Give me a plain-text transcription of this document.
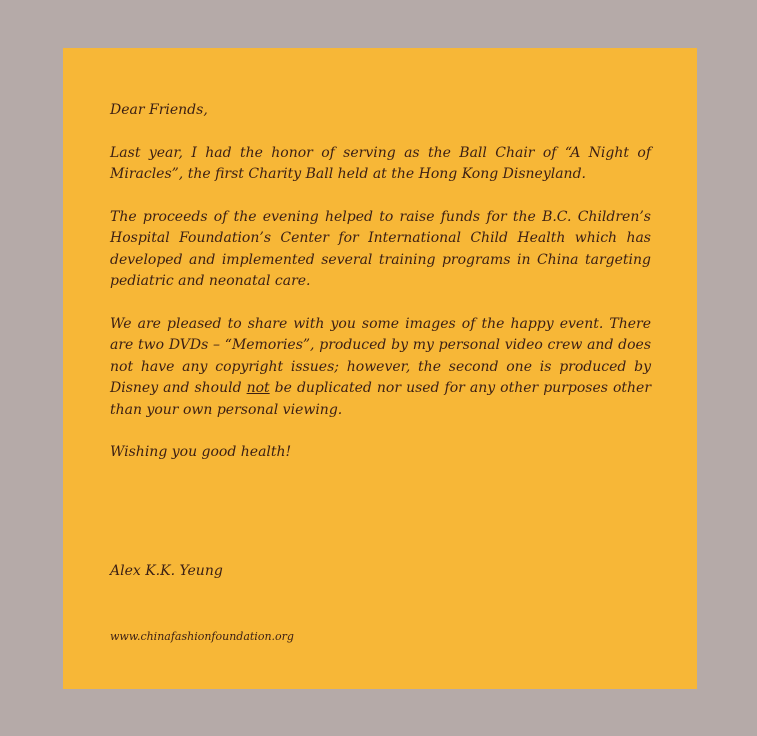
Dear Friends,

Last year, I had the honor of serving as the Ball Chair of “A Night of Miracles”, the first Charity Ball held at the Hong Kong Disneyland.

The proceeds of the evening helped to raise funds for the B.C. Children’s Hospital Foundation’s Center for International Child Health which has developed and implemented several training programs in China targeting pediatric and neonatal care.

We are pleased to share with you some images of the happy event. There are two DVDs – “Memories”, produced by my personal video crew and does not have any copyright issues; however, the second one is produced by Disney and should not be duplicated nor used for any other purposes other than your own personal viewing.

Wishing you good health!

Alex K.K. Yeung

www.chinafashionfoundation.org
